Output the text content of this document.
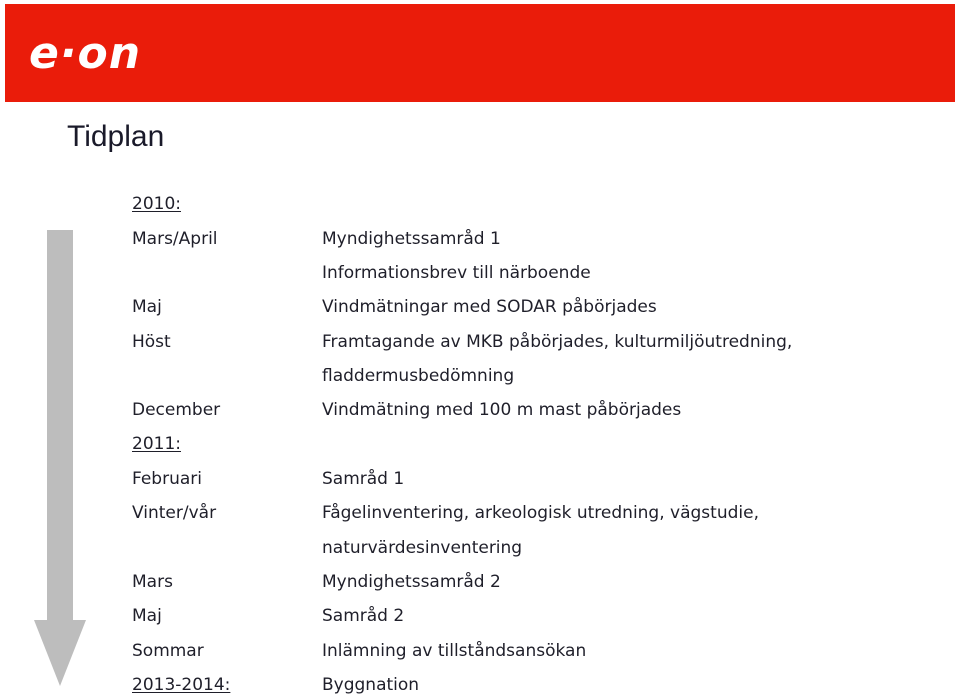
e·on
Tidplan
2010:
Mars/April	Myndighetssamråd 1
Informationsbrev till närboende
Maj	Vindmätningar med SODAR påbörjades
Höst	Framtagande av MKB påbörjades, kulturmiljöutredning,
fladdermusbedömning
December	Vindmätning med 100 m mast påbörjades
2011:
Februari	Samråd 1
Vinter/vår	Fågelinventering, arkeologisk utredning, vägstudie,
naturvärdesinventering
Mars	Myndighetssamråd 2
Maj	Samråd 2
Sommar	Inlämning av tillståndsansökan
2013-2014:	Byggnation
